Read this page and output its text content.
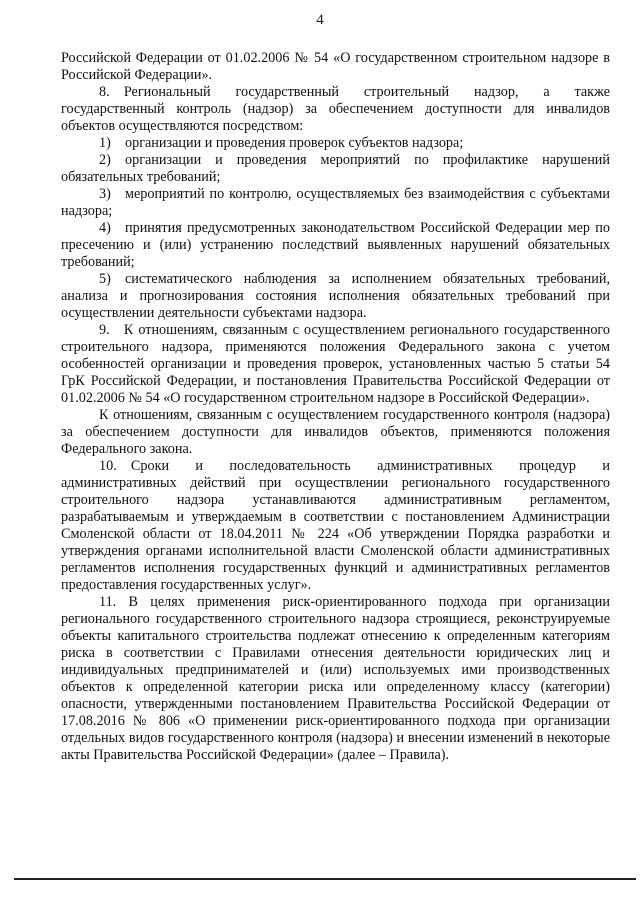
4

Российской Федерации от 01.02.2006 № 54 «О государственном строительном надзоре в Российской Федерации».

8. Региональный государственный строительный надзор, а также государственный контроль (надзор) за обеспечением доступности для инвалидов объектов осуществляются посредством:

1) организации и проведения проверок субъектов надзора;

2) организации и проведения мероприятий по профилактике нарушений обязательных требований;

3) мероприятий по контролю, осуществляемых без взаимодействия с субъектами надзора;

4) принятия предусмотренных законодательством Российской Федерации мер по пресечению и (или) устранению последствий выявленных нарушений обязательных требований;

5) систематического наблюдения за исполнением обязательных требований, анализа и прогнозирования состояния исполнения обязательных требований при осуществлении деятельности субъектами надзора.

9. К отношениям, связанным с осуществлением регионального государственного строительного надзора, применяются положения Федерального закона с учетом особенностей организации и проведения проверок, установленных частью 5 статьи 54 ГрК Российской Федерации, и постановления Правительства Российской Федерации от 01.02.2006 № 54 «О государственном строительном надзоре в Российской Федерации».

К отношениям, связанным с осуществлением государственного контроля (надзора) за обеспечением доступности для инвалидов объектов, применяются положения Федерального закона.

10. Сроки и последовательность административных процедур и административных действий при осуществлении регионального государственного строительного надзора устанавливаются административным регламентом, разрабатываемым и утверждаемым в соответствии с постановлением Администрации Смоленской области от 18.04.2011 № 224 «Об утверждении Порядка разработки и утверждения органами исполнительной власти Смоленской области административных регламентов исполнения государственных функций и административных регламентов предоставления государственных услуг».

11. В целях применения риск-ориентированного подхода при организации регионального государственного строительного надзора строящиеся, реконструируемые объекты капитального строительства подлежат отнесению к определенным категориям риска в соответствии с Правилами отнесения деятельности юридических лиц и индивидуальных предпринимателей и (или) используемых ими производственных объектов к определенной категории риска или определенному классу (категории) опасности, утвержденными постановлением Правительства Российской Федерации от 17.08.2016 № 806 «О применении риск-ориентированного подхода при организации отдельных видов государственного контроля (надзора) и внесении изменений в некоторые акты Правительства Российской Федерации» (далее – Правила).
